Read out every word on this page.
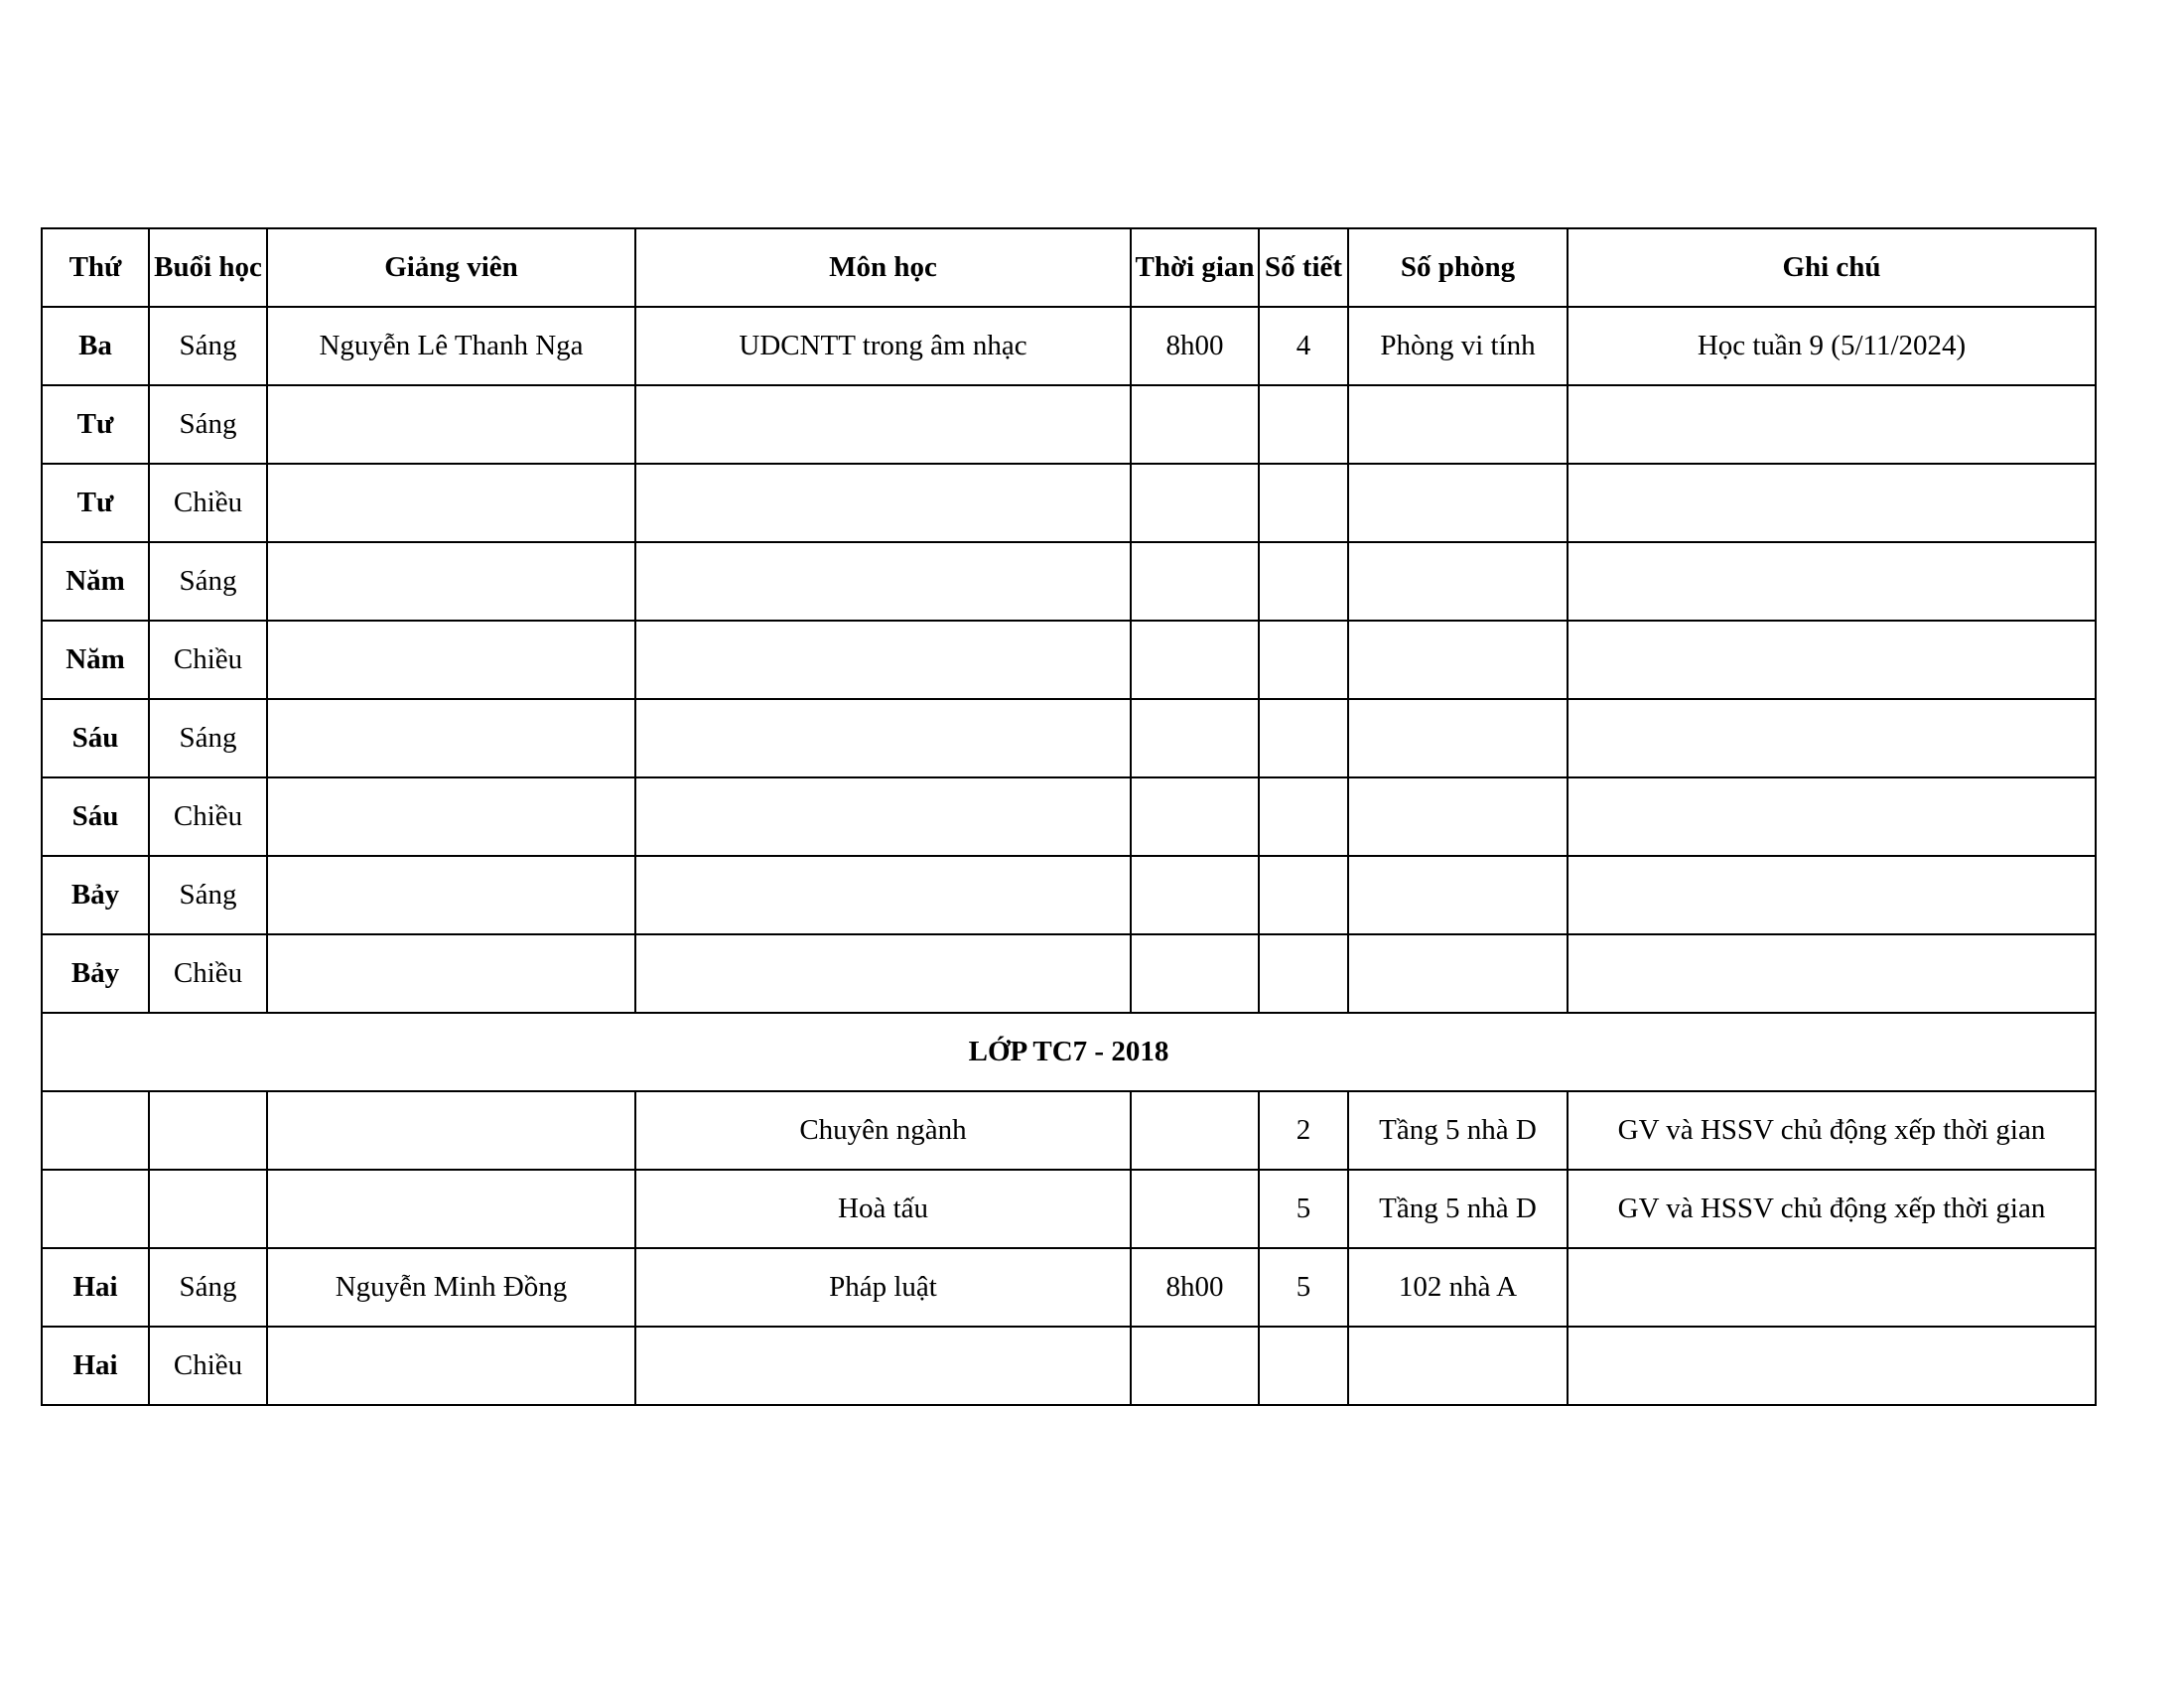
Thứ	Buổi học	Giảng viên	Môn học	Thời gian	Số tiết	Số phòng	Ghi chú
Ba	Sáng	Nguyễn Lê Thanh Nga	UDCNTT trong âm nhạc	8h00	4	Phòng vi tính	Học tuần 9 (5/11/2024)
Tư	Sáng						
Tư	Chiều						
Năm	Sáng						
Năm	Chiều						
Sáu	Sáng						
Sáu	Chiều						
Bảy	Sáng						
Bảy	Chiều						
LỚP TC7 - 2018							
			Chuyên ngành		2	Tầng 5 nhà D	GV và HSSV chủ động xếp thời gian
			Hoà tấu		5	Tầng 5 nhà D	GV và HSSV chủ động xếp thời gian
Hai	Sáng	Nguyễn Minh Đồng	Pháp luật	8h00	5	102 nhà A	
Hai	Chiều						
